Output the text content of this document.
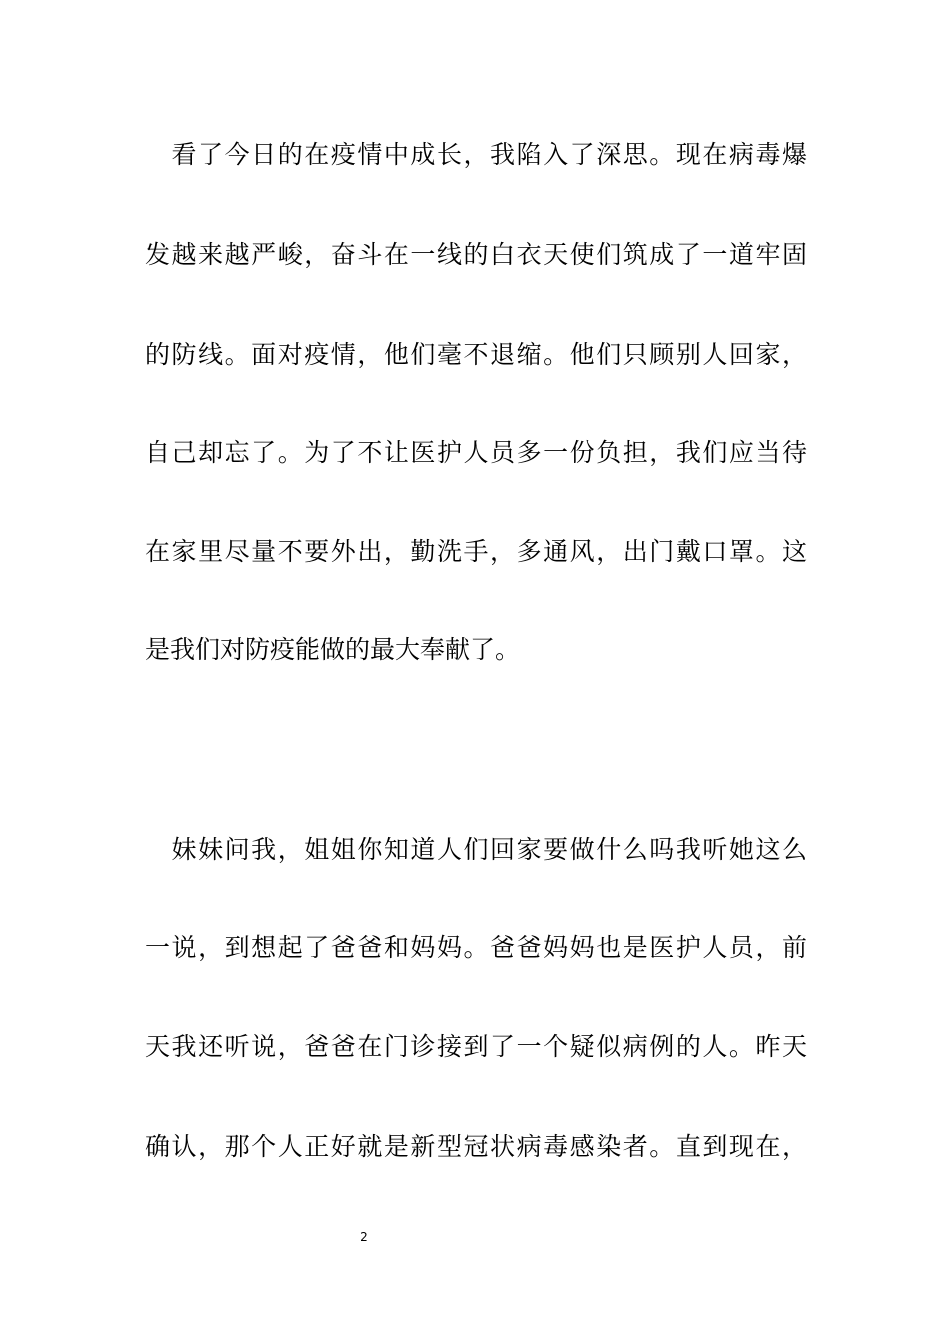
　看了今日的在疫情中成长，我陷入了深思。现在病毒爆
发越来越严峻，奋斗在一线的白衣天使们筑成了一道牢固
的防线。面对疫情，他们毫不退缩。他们只顾别人回家，
自己却忘了。为了不让医护人员多一份负担，我们应当待
在家里尽量不要外出，勤洗手，多通风，出门戴口罩。这
是我们对防疫能做的最大奉献了。
　妹妹问我，姐姐你知道人们回家要做什么吗我听她这么
一说，到想起了爸爸和妈妈。爸爸妈妈也是医护人员，前
天我还听说，爸爸在门诊接到了一个疑似病例的人。昨天
确认，那个人正好就是新型冠状病毒感染者。直到现在，
2
